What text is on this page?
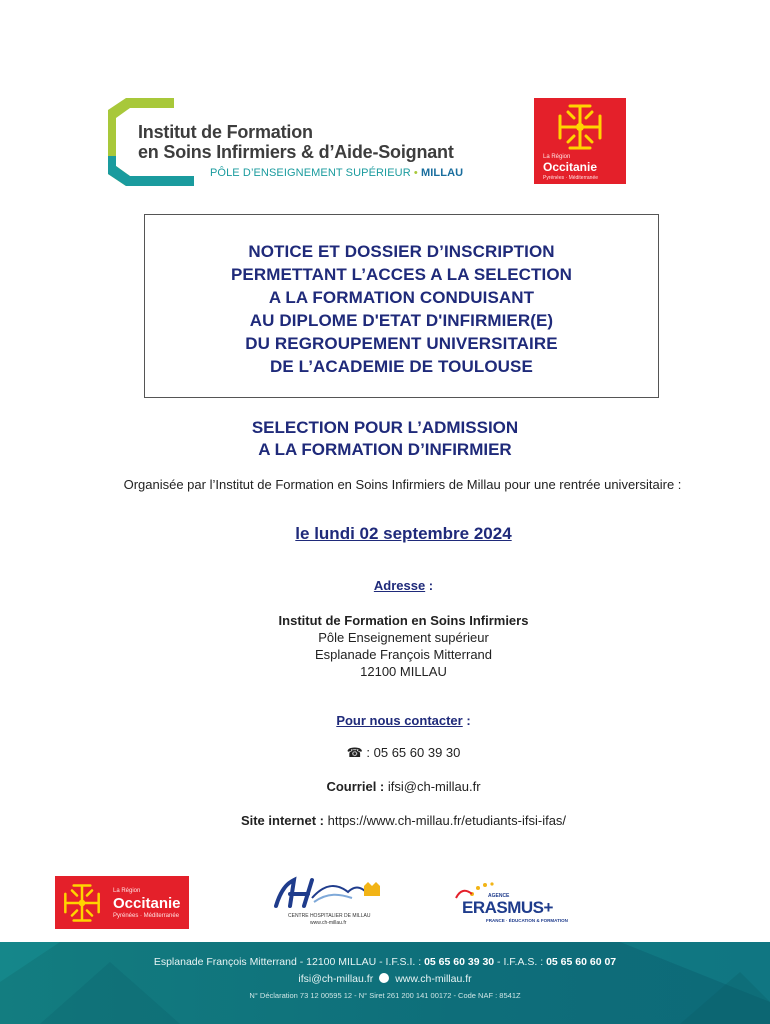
Institut de Formation
en Soins Infirmiers & d’Aide-Soignant
PÔLE D’ENSEIGNEMENT SUPÉRIEUR • MILLAU
La Région
Occitanie
Pyrénées · Méditerranée
NOTICE ET DOSSIER D’INSCRIPTION
PERMETTANT L’ACCES A LA SELECTION
A LA FORMATION CONDUISANT
AU DIPLOME D'ETAT D'INFIRMIER(E)
DU REGROUPEMENT UNIVERSITAIRE
DE L’ACADEMIE DE TOULOUSE
SELECTION POUR L’ADMISSION
A LA FORMATION D’INFIRMIER
Organisée par l’Institut de Formation en Soins Infirmiers de Millau pour une rentrée universitaire :
le lundi 02 septembre 2024
Adresse :
Institut de Formation en Soins Infirmiers
Pôle Enseignement supérieur
Esplanade François Mitterrand
12100 MILLAU
Pour nous contacter :
☎ : 05 65 60 39 30
Courriel : ifsi@ch-millau.fr
Site internet : https://www.ch-millau.fr/etudiants-ifsi-ifas/
La Région
Occitanie
Pyrénées · Méditerranée	CENTRE HOSPITALIER DE MILLAU
www.ch-millau.fr
AGENCE
ERASMUS+
FRANCE · ÉDUCATION & FORMATION
Esplanade François Mitterrand - 12100 MILLAU - I.F.S.I. : 05 65 60 39 30 - I.F.A.S. : 05 65 60 60 07
ifsi@ch-millau.fr www.ch-millau.fr
N° Déclaration 73 12 00595 12 - N° Siret 261 200 141 00172 - Code NAF : 8541Z
